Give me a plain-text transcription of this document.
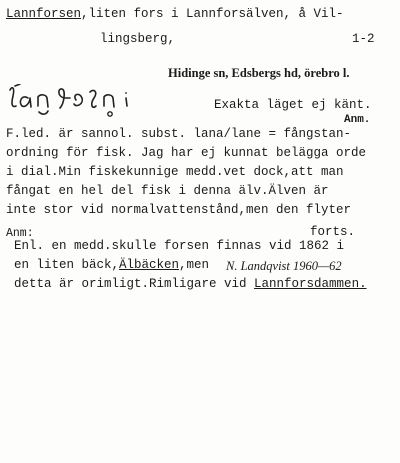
Lannforsen,liten fors i Lannforsälven, å Vil-
lingsberg,	1-2
Hidinge sn, Edsbergs hd, örebro l.
Exakta läget ej känt.
Anm.
F.led. är sannol. subst. lana/lane = fångstan-
ordning för fisk. Jag har ej kunnat belägga orde
i dial.Min fiskekunnige medd.vet dock,att man
fångat en hel del fisk i denna älv.Älven är
inte stor vid normalvattenstånd,men den flyter
Anm:	forts.
Enl. en medd.skulle forsen finnas vid 1862 i
en liten bäck,Älbäcken,men N. Landqvist 1960—62
detta är orimligt.Rimligare vid Lannforsdammen.
